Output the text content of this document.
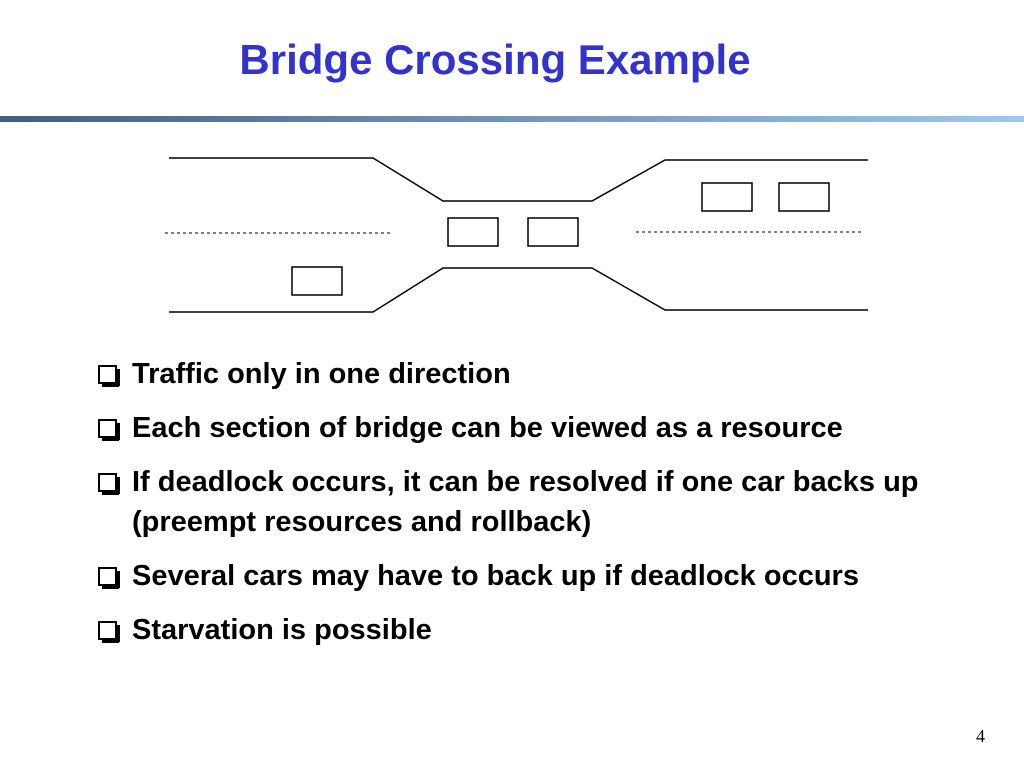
Bridge Crossing Example
Traffic only in one direction
Each section of bridge can be viewed as a resource
If deadlock occurs, it can be resolved if one car backs up (preempt resources and rollback)
Several cars may have to back up if deadlock occurs
Starvation is possible
4
